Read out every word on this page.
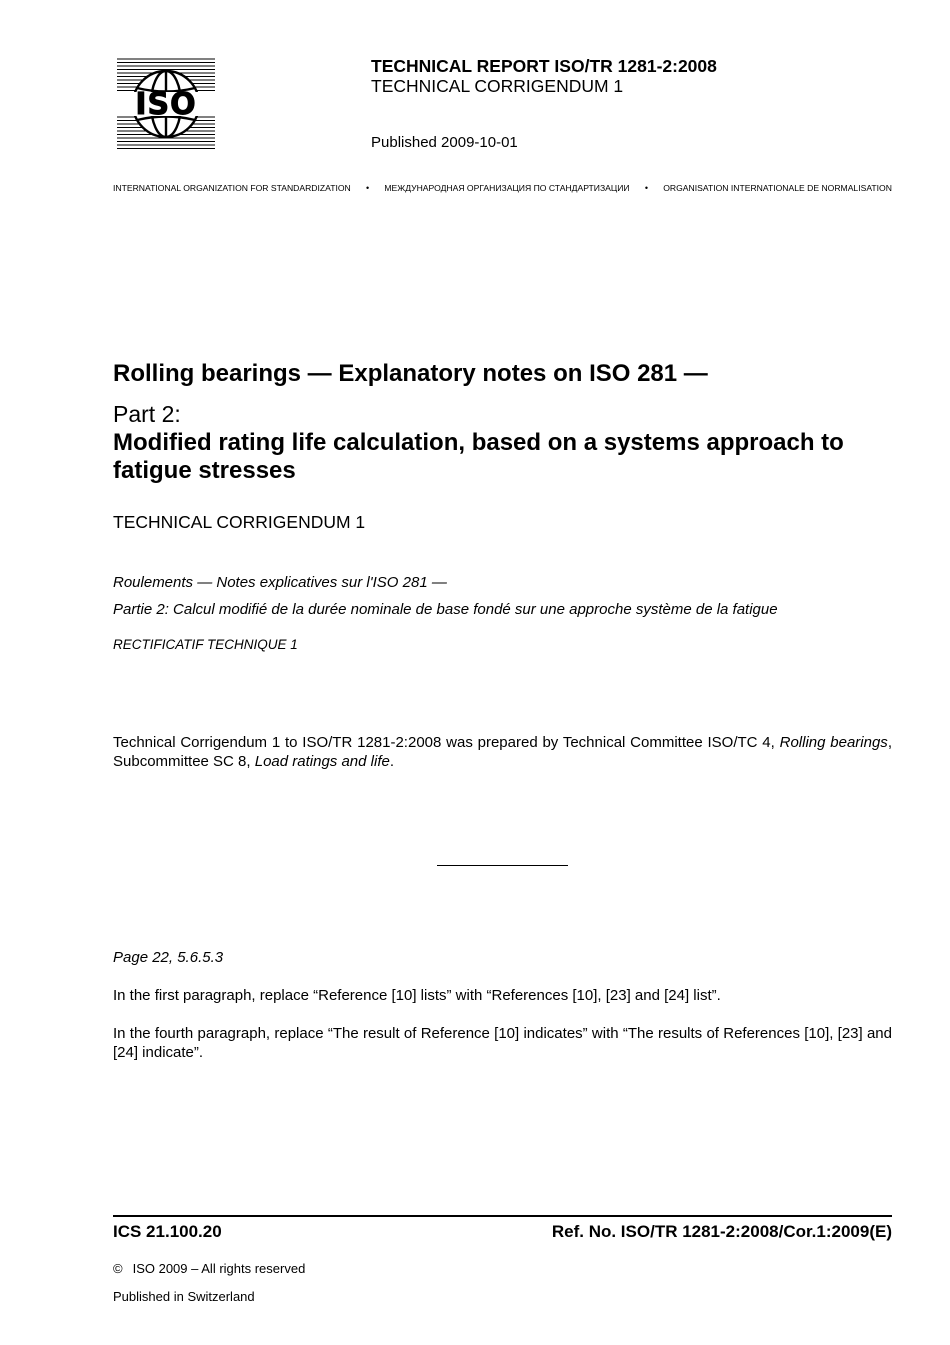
ISO
TECHNICAL REPORT ISO/TR 1281-2:2008
TECHNICAL CORRIGENDUM 1
Published 2009-10-01
INTERNATIONAL ORGANIZATION FOR STANDARDIZATION • МЕЖДУНАРОДНАЯ ОРГАНИЗАЦИЯ ПО СТАНДАРТИЗАЦИИ • ORGANISATION INTERNATIONALE DE NORMALISATION
Rolling bearings — Explanatory notes on ISO 281 —
Part 2:
Modified rating life calculation, based on a systems approach to fatigue stresses
TECHNICAL CORRIGENDUM 1
Roulements — Notes explicatives sur l'ISO 281 —
Partie 2: Calcul modifié de la durée nominale de base fondé sur une approche système de la fatigue
RECTIFICATIF TECHNIQUE 1
Technical Corrigendum 1 to ISO/TR 1281-2:2008 was prepared by Technical Committee ISO/TC 4, Rolling bearings, Subcommittee SC 8, Load ratings and life.
Page 22, 5.6.5.3
In the first paragraph, replace “Reference [10] lists” with “References [10], [23] and [24] list”.
In the fourth paragraph, replace “The result of Reference [10] indicates” with “The results of References [10], [23] and [24] indicate”.
ICS 21.100.20	Ref. No. ISO/TR 1281-2:2008/Cor.1:2009(E)
© ISO 2009 – All rights reserved
Published in Switzerland
